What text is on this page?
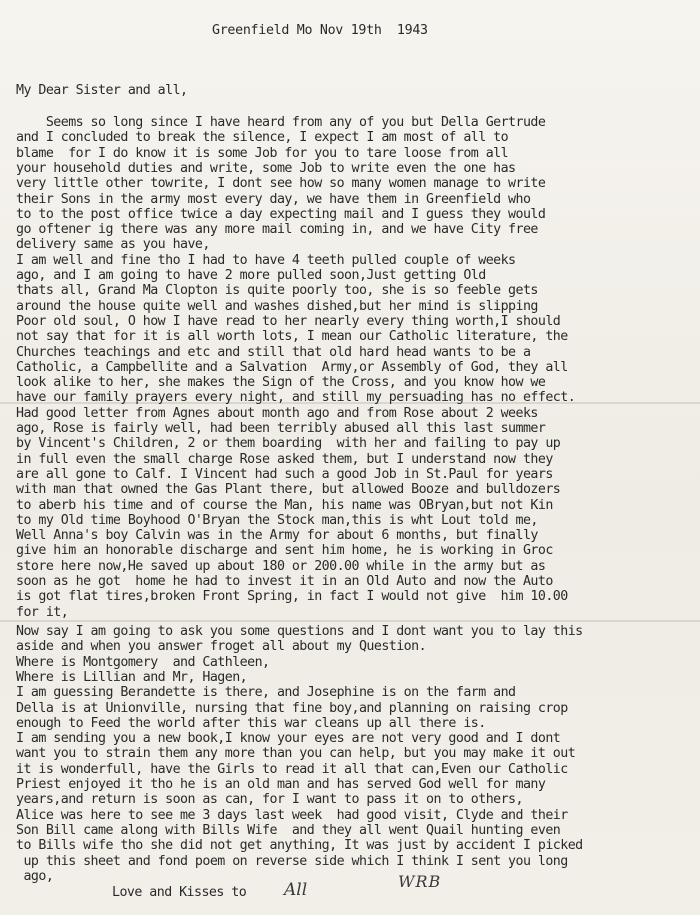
Greenfield Mo Nov 19th  1943
My Dear Sister and all,
Seems so long since I have heard from any of you but Della Gertrude
and I concluded to break the silence, I expect I am most of all to
blame  for I do know it is some Job for you to tare loose from all
your household duties and write, some Job to write even the one has
very little other towrite, I dont see how so many women manage to write
their Sons in the army most every day, we have them in Greenfield who
to to the post office twice a day expecting mail and I guess they would
go oftener ig there was any more mail coming in, and we have City free
delivery same as you have,
I am well and fine tho I had to have 4 teeth pulled couple of weeks
ago, and I am going to have 2 more pulled soon,Just getting Old
thats all, Grand Ma Clopton is quite poorly too, she is so feeble gets
around the house quite well and washes dished,but her mind is slipping
Poor old soul, O how I have read to her nearly every thing worth,I should
not say that for it is all worth lots, I mean our Catholic literature, the
Churches teachings and etc and still that old hard head wants to be a
Catholic, a Campbellite and a Salvation  Army,or Assembly of God, they all
look alike to her, she makes the Sign of the Cross, and you know how we
have our family prayers every night, and still my persuading has no effect.
Had good letter from Agnes about month ago and from Rose about 2 weeks
ago, Rose is fairly well, had been terribly abused all this last summer
by Vincent's Children, 2 or them boarding  with her and failing to pay up
in full even the small charge Rose asked them, but I understand now they
are all gone to Calf. I Vincent had such a good Job in St.Paul for years
with man that owned the Gas Plant there, but allowed Booze and bulldozers
to aberb his time and of course the Man, his name was OBryan,but not Kin
to my Old time Boyhood O'Bryan the Stock man,this is wht Lout told me,
Well Anna's boy Calvin was in the Army for about 6 months, but finally
give him an honorable discharge and sent him home, he is working in Groc
store here now,He saved up about 180 or 200.00 while in the army but as
soon as he got  home he had to invest it in an Old Auto and now the Auto
is got flat tires,broken Front Spring, in fact I would not give  him 10.00
for it,
Now say I am going to ask you some questions and I dont want you to lay this
aside and when you answer froget all about my Question.
Where is Montgomery  and Cathleen,
Where is Lillian and Mr, Hagen,
I am guessing Berandette is there, and Josephine is on the farm and
Della is at Unionville, nursing that fine boy,and planning on raising crop
enough to Feed the world after this war cleans up all there is.
I am sending you a new book,I know your eyes are not very good and I dont
want you to strain them any more than you can help, but you may make it out
it is wonderfull, have the Girls to read it all that can,Even our Catholic
Priest enjoyed it tho he is an old man and has served God well for many
years,and return is soon as can, for I want to pass it on to others,
Alice was here to see me 3 days last week  had good visit, Clyde and their
Son Bill came along with Bills Wife  and they all went Quail hunting even
to Bills wife tho she did not get anything, It was just by accident I picked
up this sheet and fond poem on reverse side which I think I sent you long
ago,
Love and Kisses to All	WRB
